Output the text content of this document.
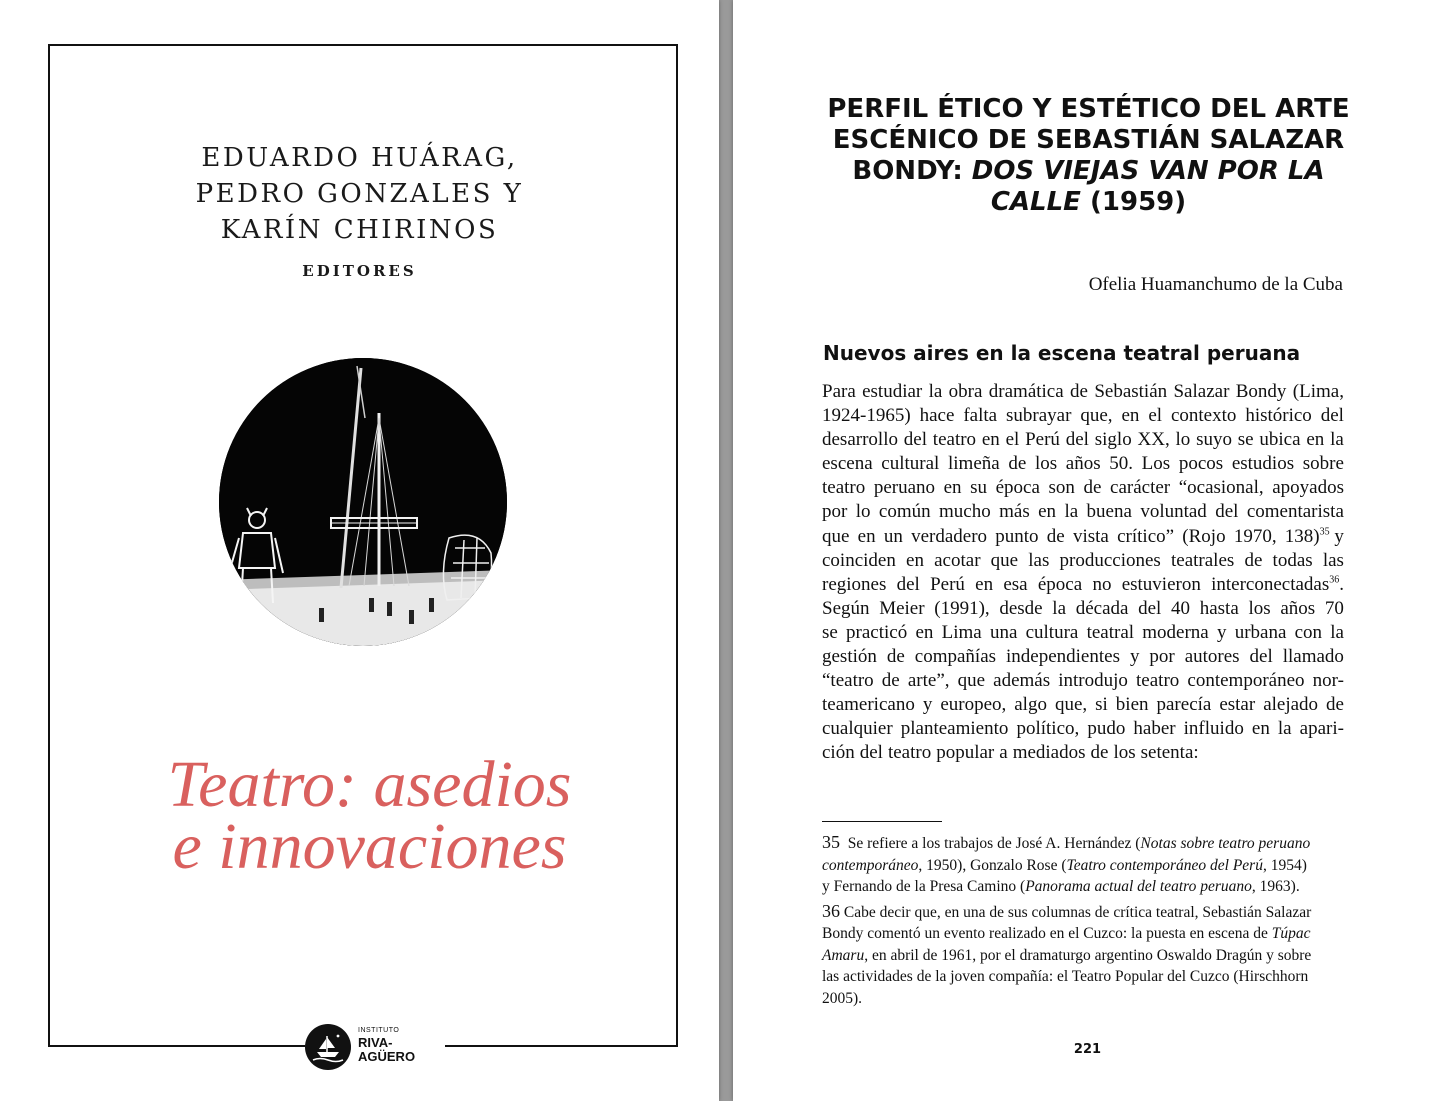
EDUARDO HUÁRAG,
PEDRO GONZALES Y
KARÍN CHIRINOS
EDITORES
Teatro: asedios
e innovaciones
INSTITUTO
RIVA-
AGÜERO
PERFIL ÉTICO Y ESTÉTICO DEL ARTE
ESCÉNICO DE SEBASTIÁN SALAZAR
BONDY: DOS VIEJAS VAN POR LA
CALLE (1959)
Ofelia Huamanchumo de la Cuba
Nuevos aires en la escena teatral peruana
Para estudiar la obra dramática de Sebastián Salazar Bondy (Lima,
1924-1965) hace falta subrayar que, en el contexto histórico del
desarrollo del teatro en el Perú del siglo XX, lo suyo se ubica en la
escena cultural limeña de los años 50. Los pocos estudios sobre
teatro peruano en su época son de carácter “ocasional, apoyados
por lo común mucho más en la buena voluntad del comentarista
que en un verdadero punto de vista crítico” (Rojo 1970, 138)$^{35}$ y
coinciden en acotar que las producciones teatrales de todas las
regiones del Perú en esa época no estuvieron interconectadas$^{36}$.
Según Meier (1991), desde la década del 40 hasta los años 70
se practicó en Lima una cultura teatral moderna y urbana con la
gestión de compañías independientes y por autores del llamado
“teatro de arte”, que además introdujo teatro contemporáneo nor-
teamericano y europeo, algo que, si bien parecía estar alejado de
cualquier planteamiento político, pudo haber influido en la apari-
ción del teatro popular a mediados de los setenta:
35 Se refiere a los trabajos de José A. Hernández (Notas sobre teatro peruano
contemporáneo, 1950), Gonzalo Rose (Teatro contemporáneo del Perú, 1954)
y Fernando de la Presa Camino (Panorama actual del teatro peruano, 1963).
36 Cabe decir que, en una de sus columnas de crítica teatral, Sebastián Salazar
Bondy comentó un evento realizado en el Cuzco: la puesta en escena de Túpac
Amaru, en abril de 1961, por el dramaturgo argentino Oswaldo Dragún y sobre
las actividades de la joven compañía: el Teatro Popular del Cuzco (Hirschhorn
2005).
221
